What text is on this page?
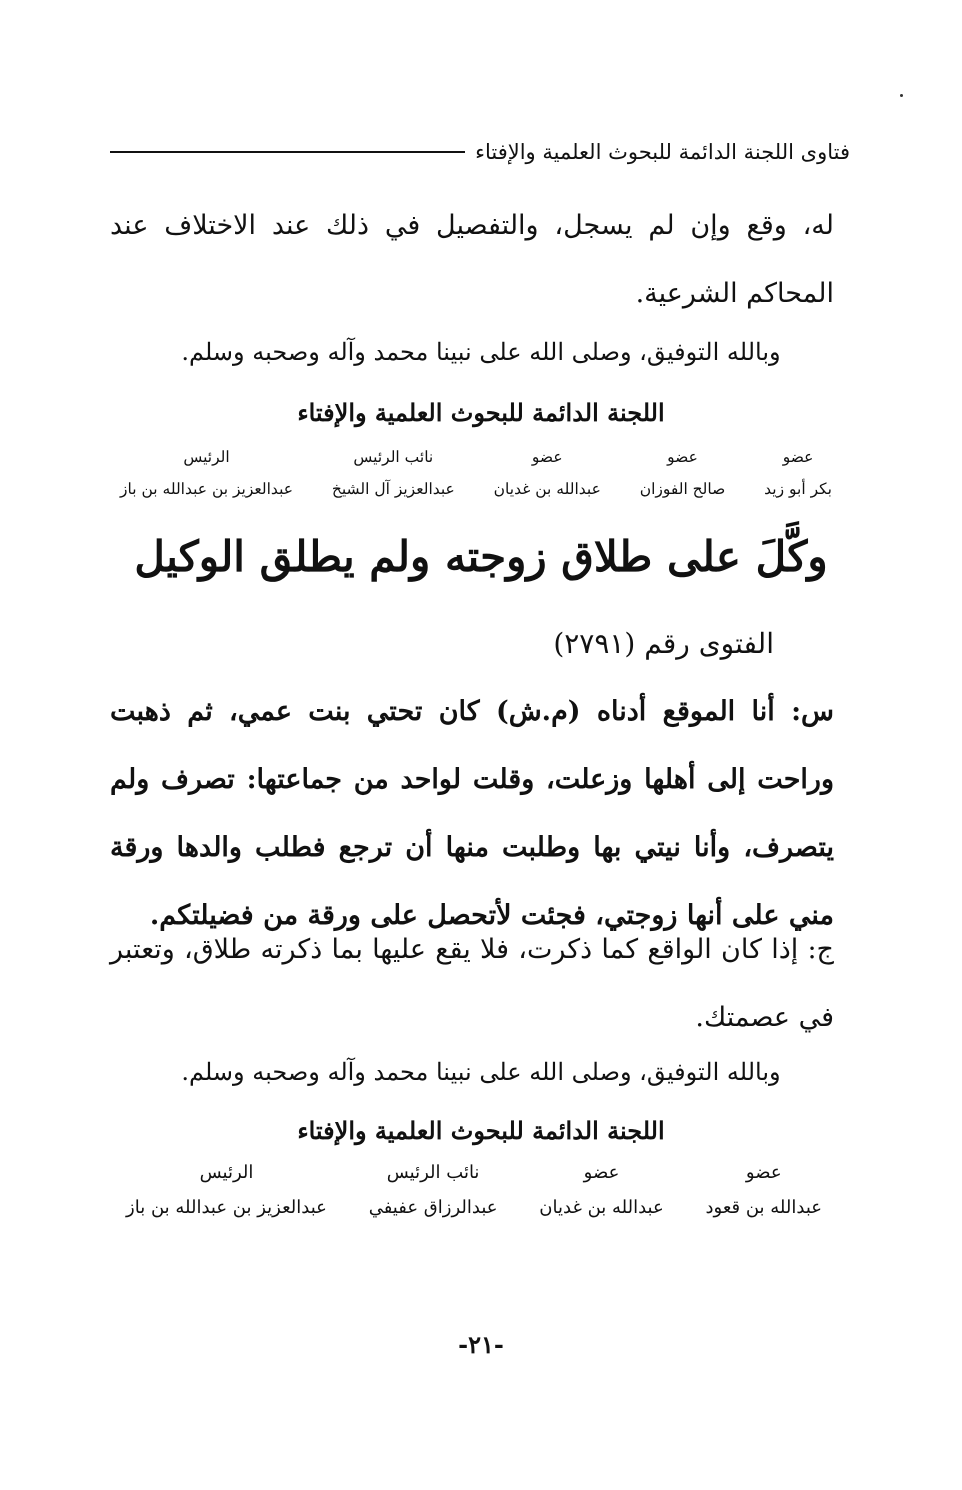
فتاوى اللجنة الدائمة للبحوث العلمية والإفتاء

له، وقع وإن لم يسجل، والتفصيل في ذلك عند الاختلاف عند المحاكم الشرعية.

وبالله التوفيق، وصلى الله على نبينا محمد وآله وصحبه وسلم.

اللجنة الدائمة للبحوث العلمية والإفتاء

عضو
بكر أبو زيد
عضو
صالح الفوزان
عضو
عبدالله بن غديان
نائب الرئيس
عبدالعزيز آل الشيخ
الرئيس
عبدالعزيز بن عبدالله بن باز
وكَّلَ على طلاق زوجته ولم يطلق الوكيل

الفتوى رقم (٢٧٩١)

س: أنا الموقع أدناه (م.ش) كان تحتي بنت عمي، ثم ذهبت وراحت إلى أهلها وزعلت، وقلت لواحد من جماعتها: تصرف ولم يتصرف، وأنا نيتي بها وطلبت منها أن ترجع فطلب والدها ورقة مني على أنها زوجتي، فجئت لأتحصل على ورقة من فضيلتكم.

ج: إذا كان الواقع كما ذكرت، فلا يقع عليها بما ذكرته طلاق، وتعتبر في عصمتك.

وبالله التوفيق، وصلى الله على نبينا محمد وآله وصحبه وسلم.

اللجنة الدائمة للبحوث العلمية والإفتاء

عضو
عبدالله بن قعود
عضو
عبدالله بن غديان
نائب الرئيس
عبدالرزاق عفيفي
الرئيس
عبدالعزيز بن عبدالله بن باز
-٢١-
